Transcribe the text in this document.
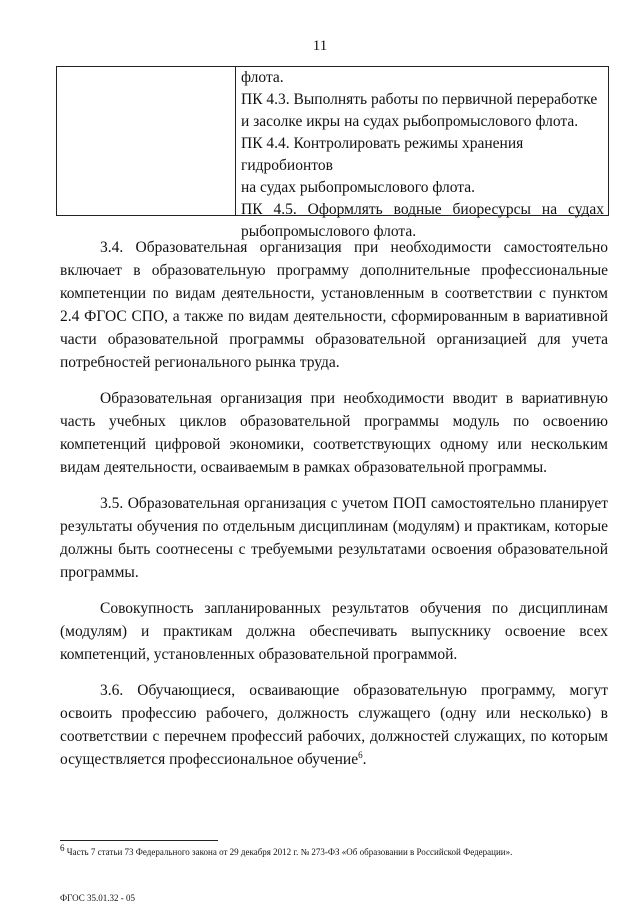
11

флота.

ПК 4.3. Выполнять работы по первичной переработке

и засолке икры на судах рыбопромыслового флота.

ПК 4.4. Контролировать режимы хранения гидробионтов

на судах рыбопромыслового флота.

ПК 4.5. Оформлять водные биоресурсы на судах

рыбопромыслового флота.

3.4. Образовательная организация при необходимости самостоятельно включает в образовательную программу дополнительные профессиональные компетенции по видам деятельности, установленным в соответствии с пунктом 2.4 ФГОС СПО, а также по видам деятельности, сформированным в вариативной части образовательной программы образовательной организацией для учета потребностей регионального рынка труда.

Образовательная организация при необходимости вводит в вариативную часть учебных циклов образовательной программы модуль по освоению компетенций цифровой экономики, соответствующих одному или нескольким видам деятельности, осваиваемым в рамках образовательной программы.

3.5. Образовательная организация с учетом ПОП самостоятельно планирует результаты обучения по отдельным дисциплинам (модулям) и практикам, которые должны быть соотнесены с требуемыми результатами освоения образовательной программы.

Совокупность запланированных результатов обучения по дисциплинам (модулям) и практикам должна обеспечивать выпускнику освоение всех компетенций, установленных образовательной программой.

3.6. Обучающиеся, осваивающие образовательную программу, могут освоить профессию рабочего, должность служащего (одну или несколько) в соответствии с перечнем профессий рабочих, должностей служащих, по которым осуществляется профессиональное обучение$^6$.

$^6$ Часть 7 статьи 73 Федерального закона от 29 декабря 2012 г. № 273-ФЗ «Об образовании в Российской Федерации».
ФГОС 35.01.32 - 05
